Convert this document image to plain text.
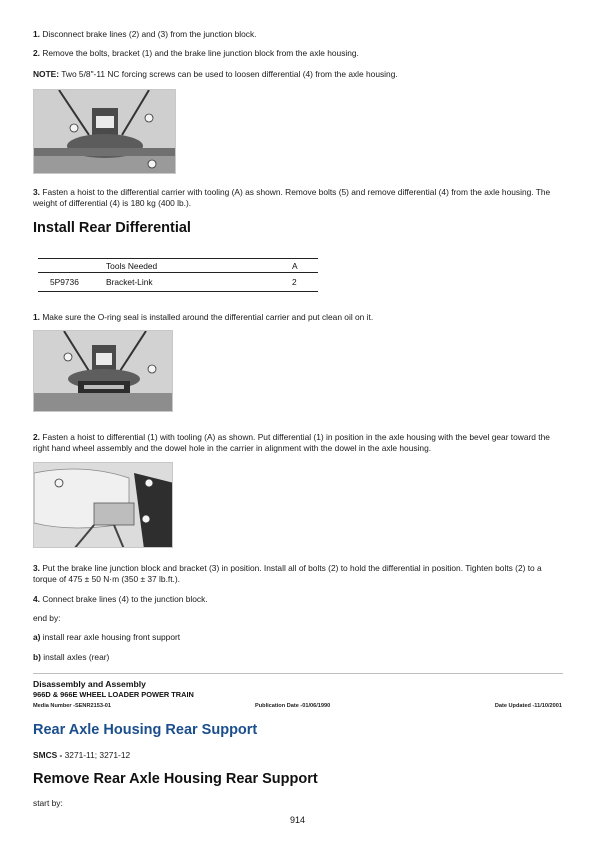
1. Disconnect brake lines (2) and (3) from the junction block.
2. Remove the bolts, bracket (1) and the brake line junction block from the axle housing.
NOTE: Two 5/8"-11 NC forcing screws can be used to loosen differential (4) from the axle housing.
3. Fasten a hoist to the differential carrier with tooling (A) as shown. Remove bolts (5) and remove differential (4) from the axle housing. The weight of differential (4) is 180 kg (400 lb.).
Install Rear Differential
Tools Needed	A
5P9736	Bracket-Link	2
1. Make sure the O-ring seal is installed around the differential carrier and put clean oil on it.
2. Fasten a hoist to differential (1) with tooling (A) as shown. Put differential (1) in position in the axle housing with the bevel gear toward the right hand wheel assembly and the dowel hole in the carrier in alignment with the dowel in the axle housing.
3. Put the brake line junction block and bracket (3) in position. Install all of bolts (2) to hold the differential in position. Tighten bolts (2) to a torque of 475 ± 50 N·m (350 ± 37 lb.ft.).
4. Connect brake lines (4) to the junction block.
end by:
a) install rear axle housing front support
b) install axles (rear)
Disassembly and Assembly
966D & 966E WHEEL LOADER POWER TRAIN
Media Number -SENR2153-01	Publication Date -01/06/1990	Date Updated -11/10/2001
Rear Axle Housing Rear Support
SMCS - 3271-11; 3271-12
Remove Rear Axle Housing Rear Support
start by:
914
